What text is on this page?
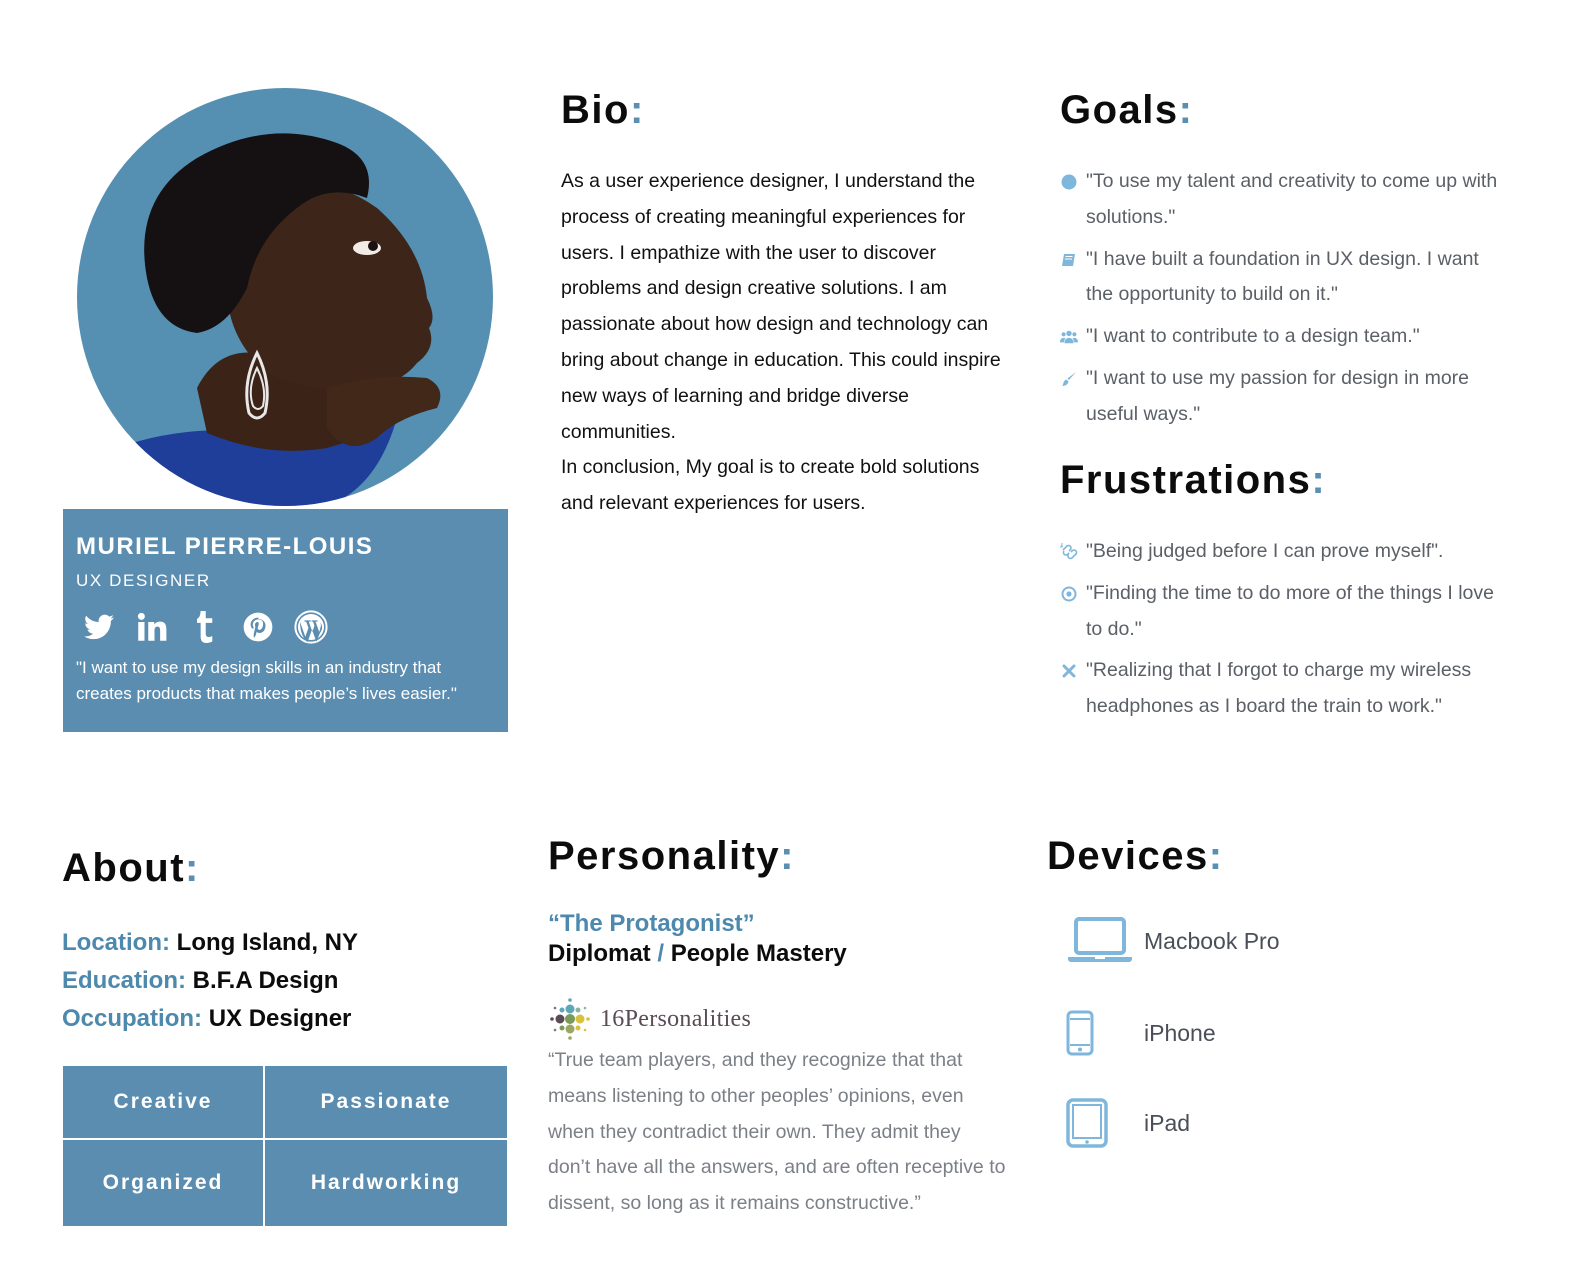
MURIEL PIERRE-LOUIS
UX DESIGNER
"I want to use my design skills in an industry that creates products that makes people’s lives easier."
Bio:
As a user experience designer, I understand the process of creating meaningful experiences for users. I empathize with the user to discover problems and design creative solutions. I am passionate about how design and technology can bring about change in education. This could inspire new ways of learning and bridge diverse communities.
In conclusion, My goal is to create bold solutions and relevant experiences for users.
Goals:
"To use my talent and creativity to come up with solutions."
"I have built a foundation in UX design. I want the opportunity to build on it."
"I want to contribute to a design team."
"I want to use my passion for design in more useful ways."
Frustrations:
"Being judged before I can prove myself".
"Finding the time to do more of the things I love to do."
"Realizing that I forgot to charge my wireless headphones as I board the train to work."
About:
Location: Long Island, NY
Education: B.F.A Design
Occupation: UX Designer
Creative	Passionate
Organized	Hardworking
Personality:
“The Protagonist”
Diplomat / People Mastery
16Personalities
“True team players, and they recognize that that means listening to other peoples’ opinions, even when they contradict their own. They admit they don’t have all the answers, and are often receptive to dissent, so long as it remains constructive.”
Devices:
Macbook Pro
iPhone
iPad
